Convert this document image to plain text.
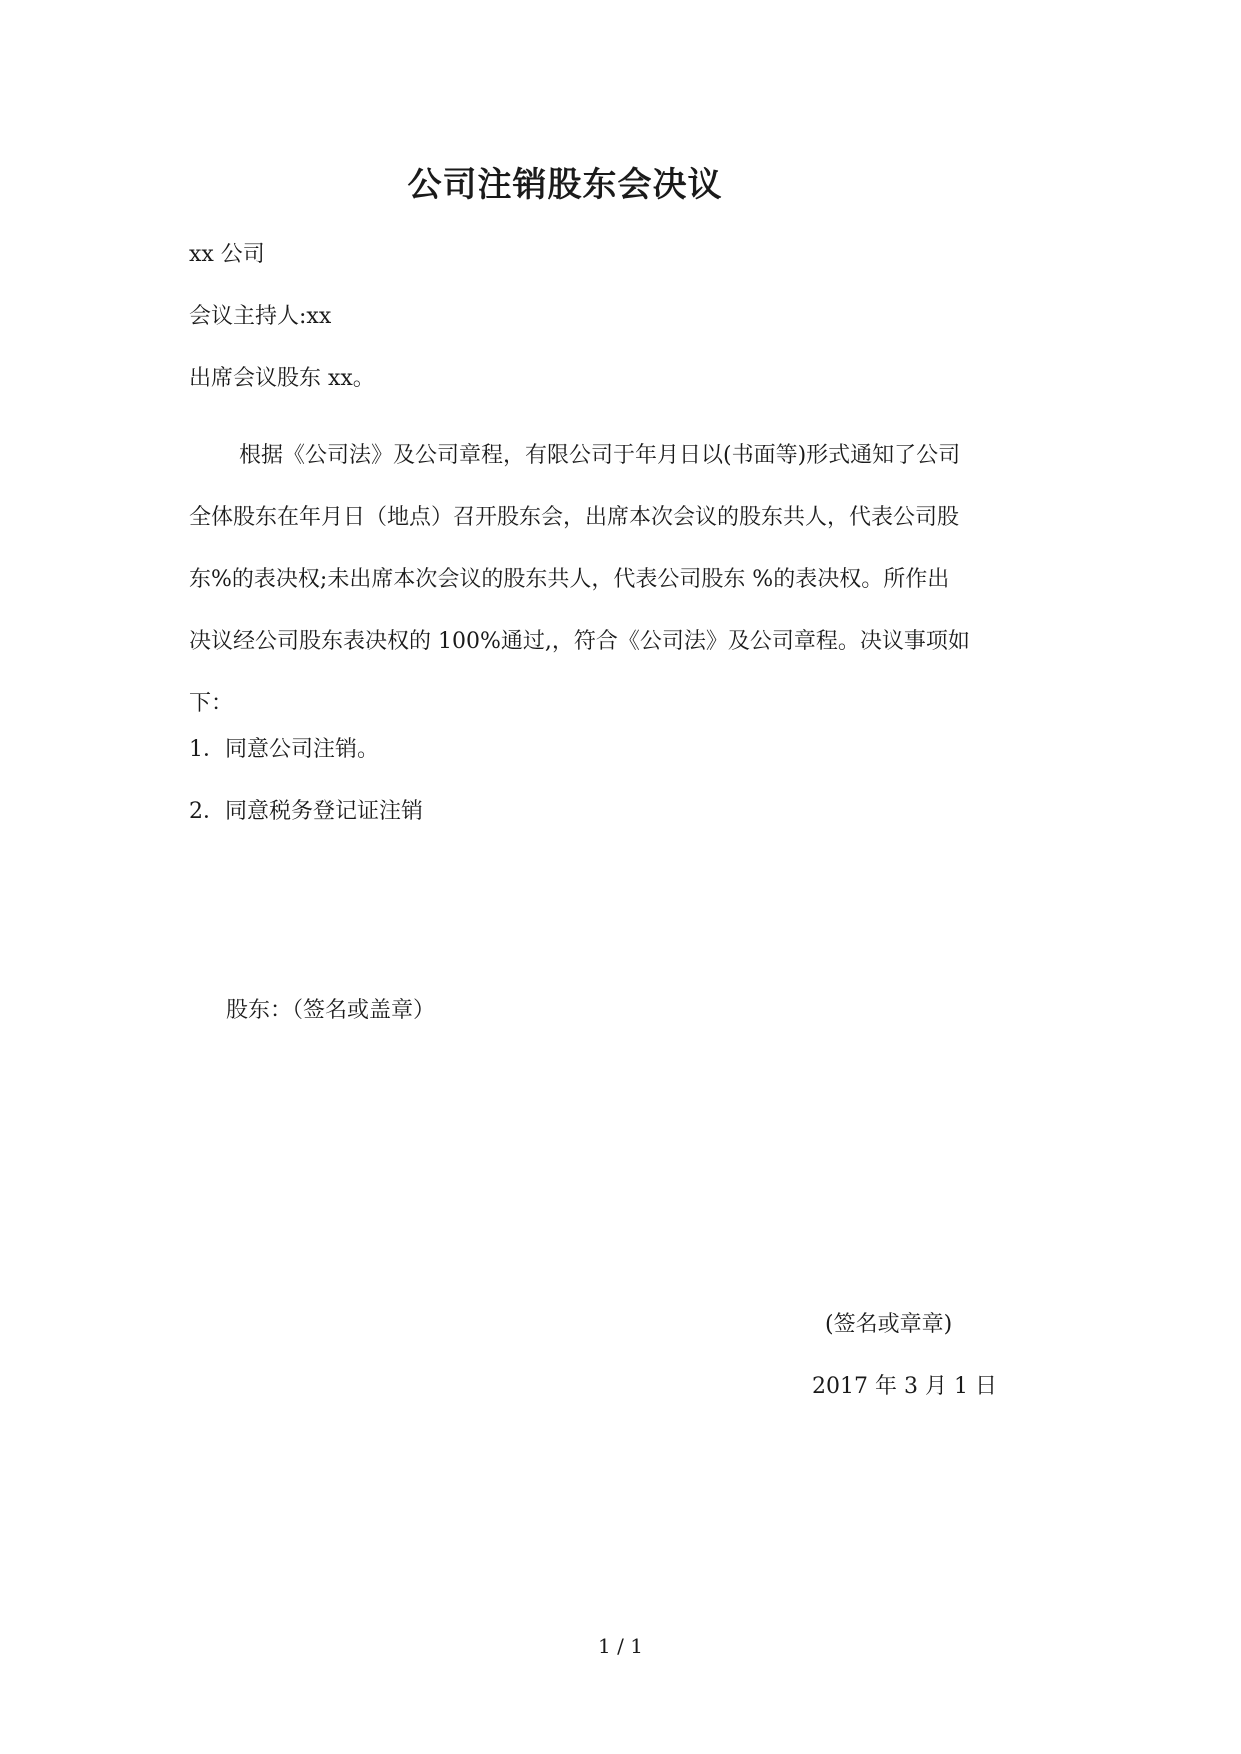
公司注销股东会决议
xx 公司
会议主持人:xx
出席会议股东 xx。
根据《公司法》及公司章程，有限公司于年月日以(书面等)形式通知了公司
全体股东在年月日（地点）召开股东会，出席本次会议的股东共人，代表公司股
东%的表决权;未出席本次会议的股东共人，代表公司股东 %的表决权。所作出
决议经公司股东表决权的 100%通过,，符合《公司法》及公司章程。决议事项如
下：
1．同意公司注销。
2．同意税务登记证注销
股东：（签名或盖章）
(签名或章章)
2017 年 3 月 1 日
1 / 1
